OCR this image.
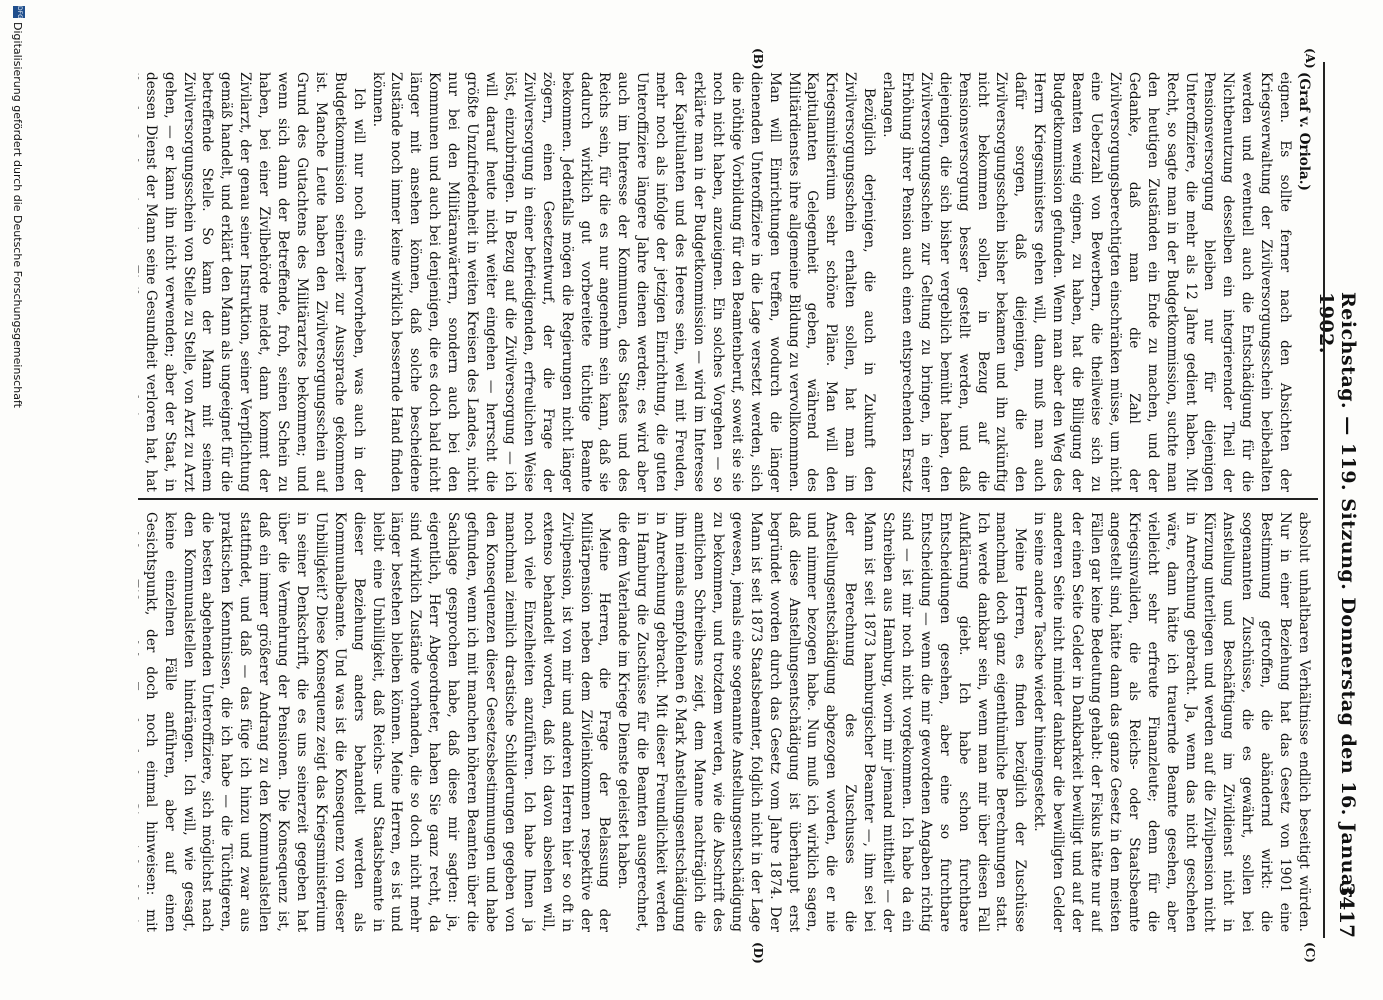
Reichstag. — 119. Sitzung. Donnerstag den 16. Januar 1902.
3417
(A)
(B)
(C)
(D)

(Graf v. Oriola.)

eignen. Es sollte ferner nach den Absichten der Kriegsverwaltung der Zivilversorgungsschein beibehalten werden und eventuell auch die Entschädigung für die Nichtbenutzung desselben ein integrierender Theil der Pensionsversorgung bleiben nur für diejenigen Unteroffiziere, die mehr als 12 Jahre gedient haben. Mit Recht, so sagte man in der Budgetkommission, suchte man den heutigen Zuständen ein Ende zu machen, und der Gedanke, daß man die Zahl der Zivilversorgungsberechtigten einschränken müsse, um nicht eine Ueberzahl von Bewerbern, die theilweise sich zu Beamten wenig eignen, zu haben, hat die Billigung der Budgetkommission gefunden. Wenn man aber den Weg des Herrn Kriegsministers gehen will, dann muß man auch dafür sorgen, daß diejenigen, die den Zivilversorgungsschein bisher bekamen und ihn zukünftig nicht bekommen sollen, in Bezug auf die Pensionsversorgung besser gestellt werden, und daß diejenigen, die sich bisher vergeblich bemüht haben, den Zivilversorgungsschein zur Geltung zu bringen, in einer Erhöhung ihrer Pension auch einen entsprechenden Ersatz erlangen.

Bezüglich derjenigen, die auch in Zukunft den Zivilversorgungsschein erhalten sollen, hat man im Kriegsministerium sehr schöne Pläne. Man will den Kapitulanten Gelegenheit geben, während des Militärdienstes ihre allgemeine Bildung zu vervollkommnen. Man will Einrichtungen treffen, wodurch die länger dienenden Unteroffiziere in die Lage versetzt werden, sich die nöthige Vorbildung für den Beamtenberuf, soweit sie sie noch nicht haben, anzueignen. Ein solches Vorgehen — so erklärte man in der Budgetkommission — wird im Interesse der Kapitulanten und des Heeres sein, weil mit Freuden, mehr noch als infolge der jetzigen Einrichtung, die guten Unteroffiziere längere Jahre dienen werden; es wird aber auch im Interesse der Kommunen, des Staates und des Reichs sein, für die es nur angenehm sein kann, daß sie dadurch wirklich gut vorbereitete tüchtige Beamte bekommen. Jedenfalls mögen die Regierungen nicht länger zögern, einen Gesetzentwurf, der die Frage der Zivilversorgung in einer befriedigenden, erfreulichen Weise löst, einzubringen. In Bezug auf die Zivilversorgung — ich will darauf heute nicht weiter eingehen — herrscht die größte Unzufriedenheit in weiten Kreisen des Landes, nicht nur bei den Militäranwärtern, sondern auch bei den Kommunen und auch bei denjenigen, die es doch bald nicht länger mit ansehen können, daß solche bescheidene Zustände noch immer keine wirklich bessernde Hand finden können.

Ich will nur noch eins hervorheben, was auch in der Budgetkommission seinerzeit zur Aussprache gekommen ist. Manche Leute haben den Zivilversorgungsschein auf Grund des Gutachtens des Militärarztes bekommen; und wenn sich dann der Betreffende, froh, seinen Schein zu haben, bei einer Zivilbehörde meldet, dann kommt der Zivilarzt, der genau seiner Instruktion, seiner Verpflichtung gemäß handelt, und erklärt den Mann als ungeeignet für die betreffende Stelle. So kann der Mann mit seinem Zivilversorgungsschein von Stelle zu Stelle, von Arzt zu Arzt gehen, — er kann ihn nicht verwenden; aber der Staat, in dessen Dienst der Mann seine Gesundheit verloren hat, hat

absolut unhaltbaren Verhältnisse endlich beseitigt würden. Nur in einer Beziehung hat das Gesetz von 1901 eine Bestimmung getroffen, die abändernd wirkt: die sogenannten Zuschüsse, die es gewährt, sollen bei Anstellung und Beschäftigung im Zivildienst nicht in Kürzung unterliegen und werden auf die Zivilpension nicht in Anrechnung gebracht. Ja, wenn das nicht geschehen wäre, dann hätte ich trauernde Beamte gesehen, aber vielleicht sehr erfreute Finanzleute; denn für die Kriegsinvaliden, die als Reichs- oder Staatsbeamte angestellt sind, hätte dann das ganze Gesetz in den meisten Fällen gar keine Bedeutung gehabt: der Fiskus hätte nur auf der einen Seite Gelder in Dankbarkeit bewilligt und auf der anderen Seite nicht minder dankbar die bewilligten Gelder in seine andere Tasche wieder hineingesteckt.

Meine Herren, es finden bezüglich der Zuschüsse manchmal doch ganz eigenthümliche Berechnungen statt. Ich werde dankbar sein, wenn man mir über diesen Fall Aufklärung giebt. Ich habe schon furchtbare Entscheidungen gesehen, aber eine so furchtbare Entscheidung — wenn die mir gewordenen Angaben richtig sind — ist mir noch nicht vorgekommen. Ich habe da ein Schreiben aus Hamburg, worin mir jemand mittheilt — der Mann ist seit 1873 hamburgischer Beamter —, ihm sei bei der Berechnung des Zuschusses die Anstellungsentschädigung abgezogen worden, die er nie und nimmer bezogen habe. Nun muß ich wirklich sagen, daß diese Anstellungsentschädigung ist überhaupt erst begründet worden durch das Gesetz vom Jahre 1874. Der Mann ist seit 1873 Staatsbeamter, folglich nicht in der Lage gewesen, jemals eine sogenannte Anstellungsentschädigung zu bekommen, und trotzdem werden, wie die Abschrift des amtlichen Schreibens zeigt, dem Manne nachträglich die ihm niemals empfohlenen 6 Mark Anstellungsentschädigung in Anrechnung gebracht. Mit dieser Freundlichkeit werden in Hamburg die Zuschüsse für die Beamten ausgerechnet, die dem Vaterlande im Kriege Dienste geleistet haben.

Meine Herren, die Frage der Belassung der Militärpension neben dem Zivileinkommen respektive der Zivilpension, ist von mir und anderen Herren hier so oft in extenso behandelt worden, daß ich davon absehen will, noch viele Einzelheiten anzuführen. Ich habe Ihnen ja manchmal ziemlich drastische Schilderungen gegeben von den Konsequenzen dieser Gesetzesbestimmungen und habe gefunden, wenn ich mit manchen höheren Beamten über die Sachlage gesprochen habe, daß diese mir sagten: ja, eigentlich, Herr Abgeordneter, haben Sie ganz recht, da sind wirklich Zustände vorhanden, die so doch nicht mehr länger bestehen bleiben können. Meine Herren, es ist und bleibt eine Unbilligkeit, daß Reichs- und Staatsbeamte in dieser Beziehung anders behandelt werden als Kommunalbeamte. Und was ist die Konsequenz von dieser Unbilligkeit? Diese Konsequenz zeigt das Kriegsministerium in seiner Denkschrift, die es uns seinerzeit gegeben hat über die Vermehrung der Pensionen. Die Konsequenz ist, daß ein immer größerer Andrang zu den Kommunalstellen stattfindet, und daß — das füge ich hinzu und zwar aus praktischen Kenntnissen, die ich habe — die Tüchtigeren, die besten abgehenden Unteroffiziere, sich möglichst nach den Kommunalstellen hindrängen. Ich will, wie gesagt, keine einzelnen Fälle anführen, aber auf einen Gesichtspunkt, der doch noch einmal hinweisen: mit

DFG
Digitalisierung gefördert durch die Deutsche Forschungsgemeinschaft
